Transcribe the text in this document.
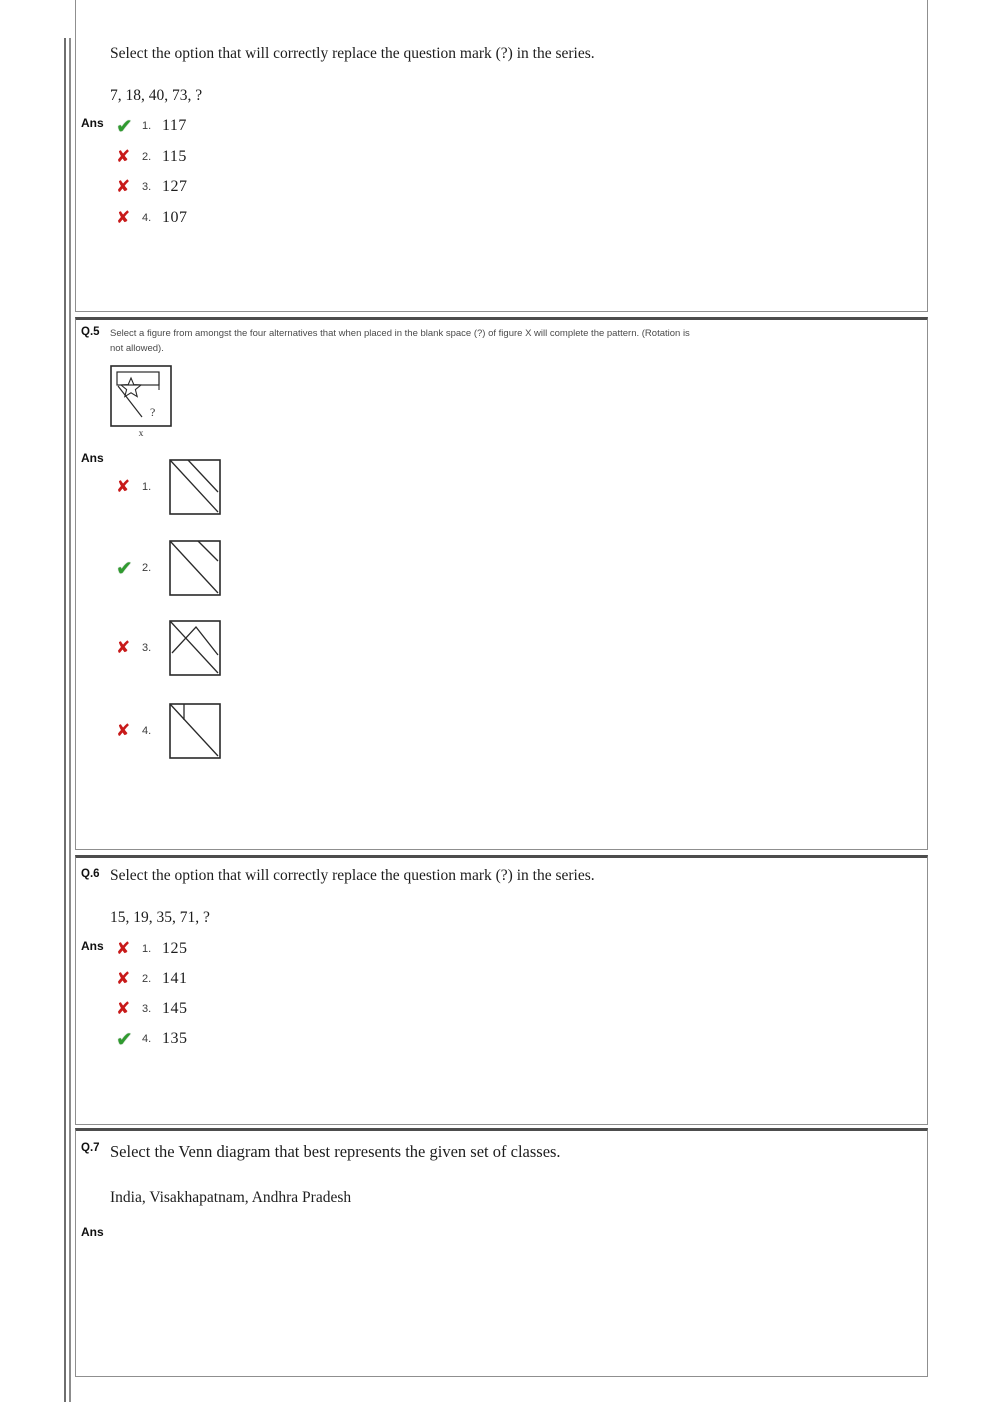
Select the option that will correctly replace the question mark (?) in the series.
7, 18, 40, 73, ?
Ans ✔ 1. 117
✘	2. 115
✘	3. 127
✘	4. 107
Q.5 Select a figure from amongst the four alternatives that when placed in the blank space (?) of figure X will complete the pattern. (Rotation is not allowed).
?
x
Ans
✘	1.
✔ 2.
✘	3.
✘	4.
Q.6 Select the option that will correctly replace the question mark (?) in the series.
15, 19, 35, 71, ?
Ans ✘	1. 125
✘	2. 141
✘	3. 145
✔ 4. 135
Q.7 Select the Venn diagram that best represents the given set of classes.
India, Visakhapatnam, Andhra Pradesh
Ans
